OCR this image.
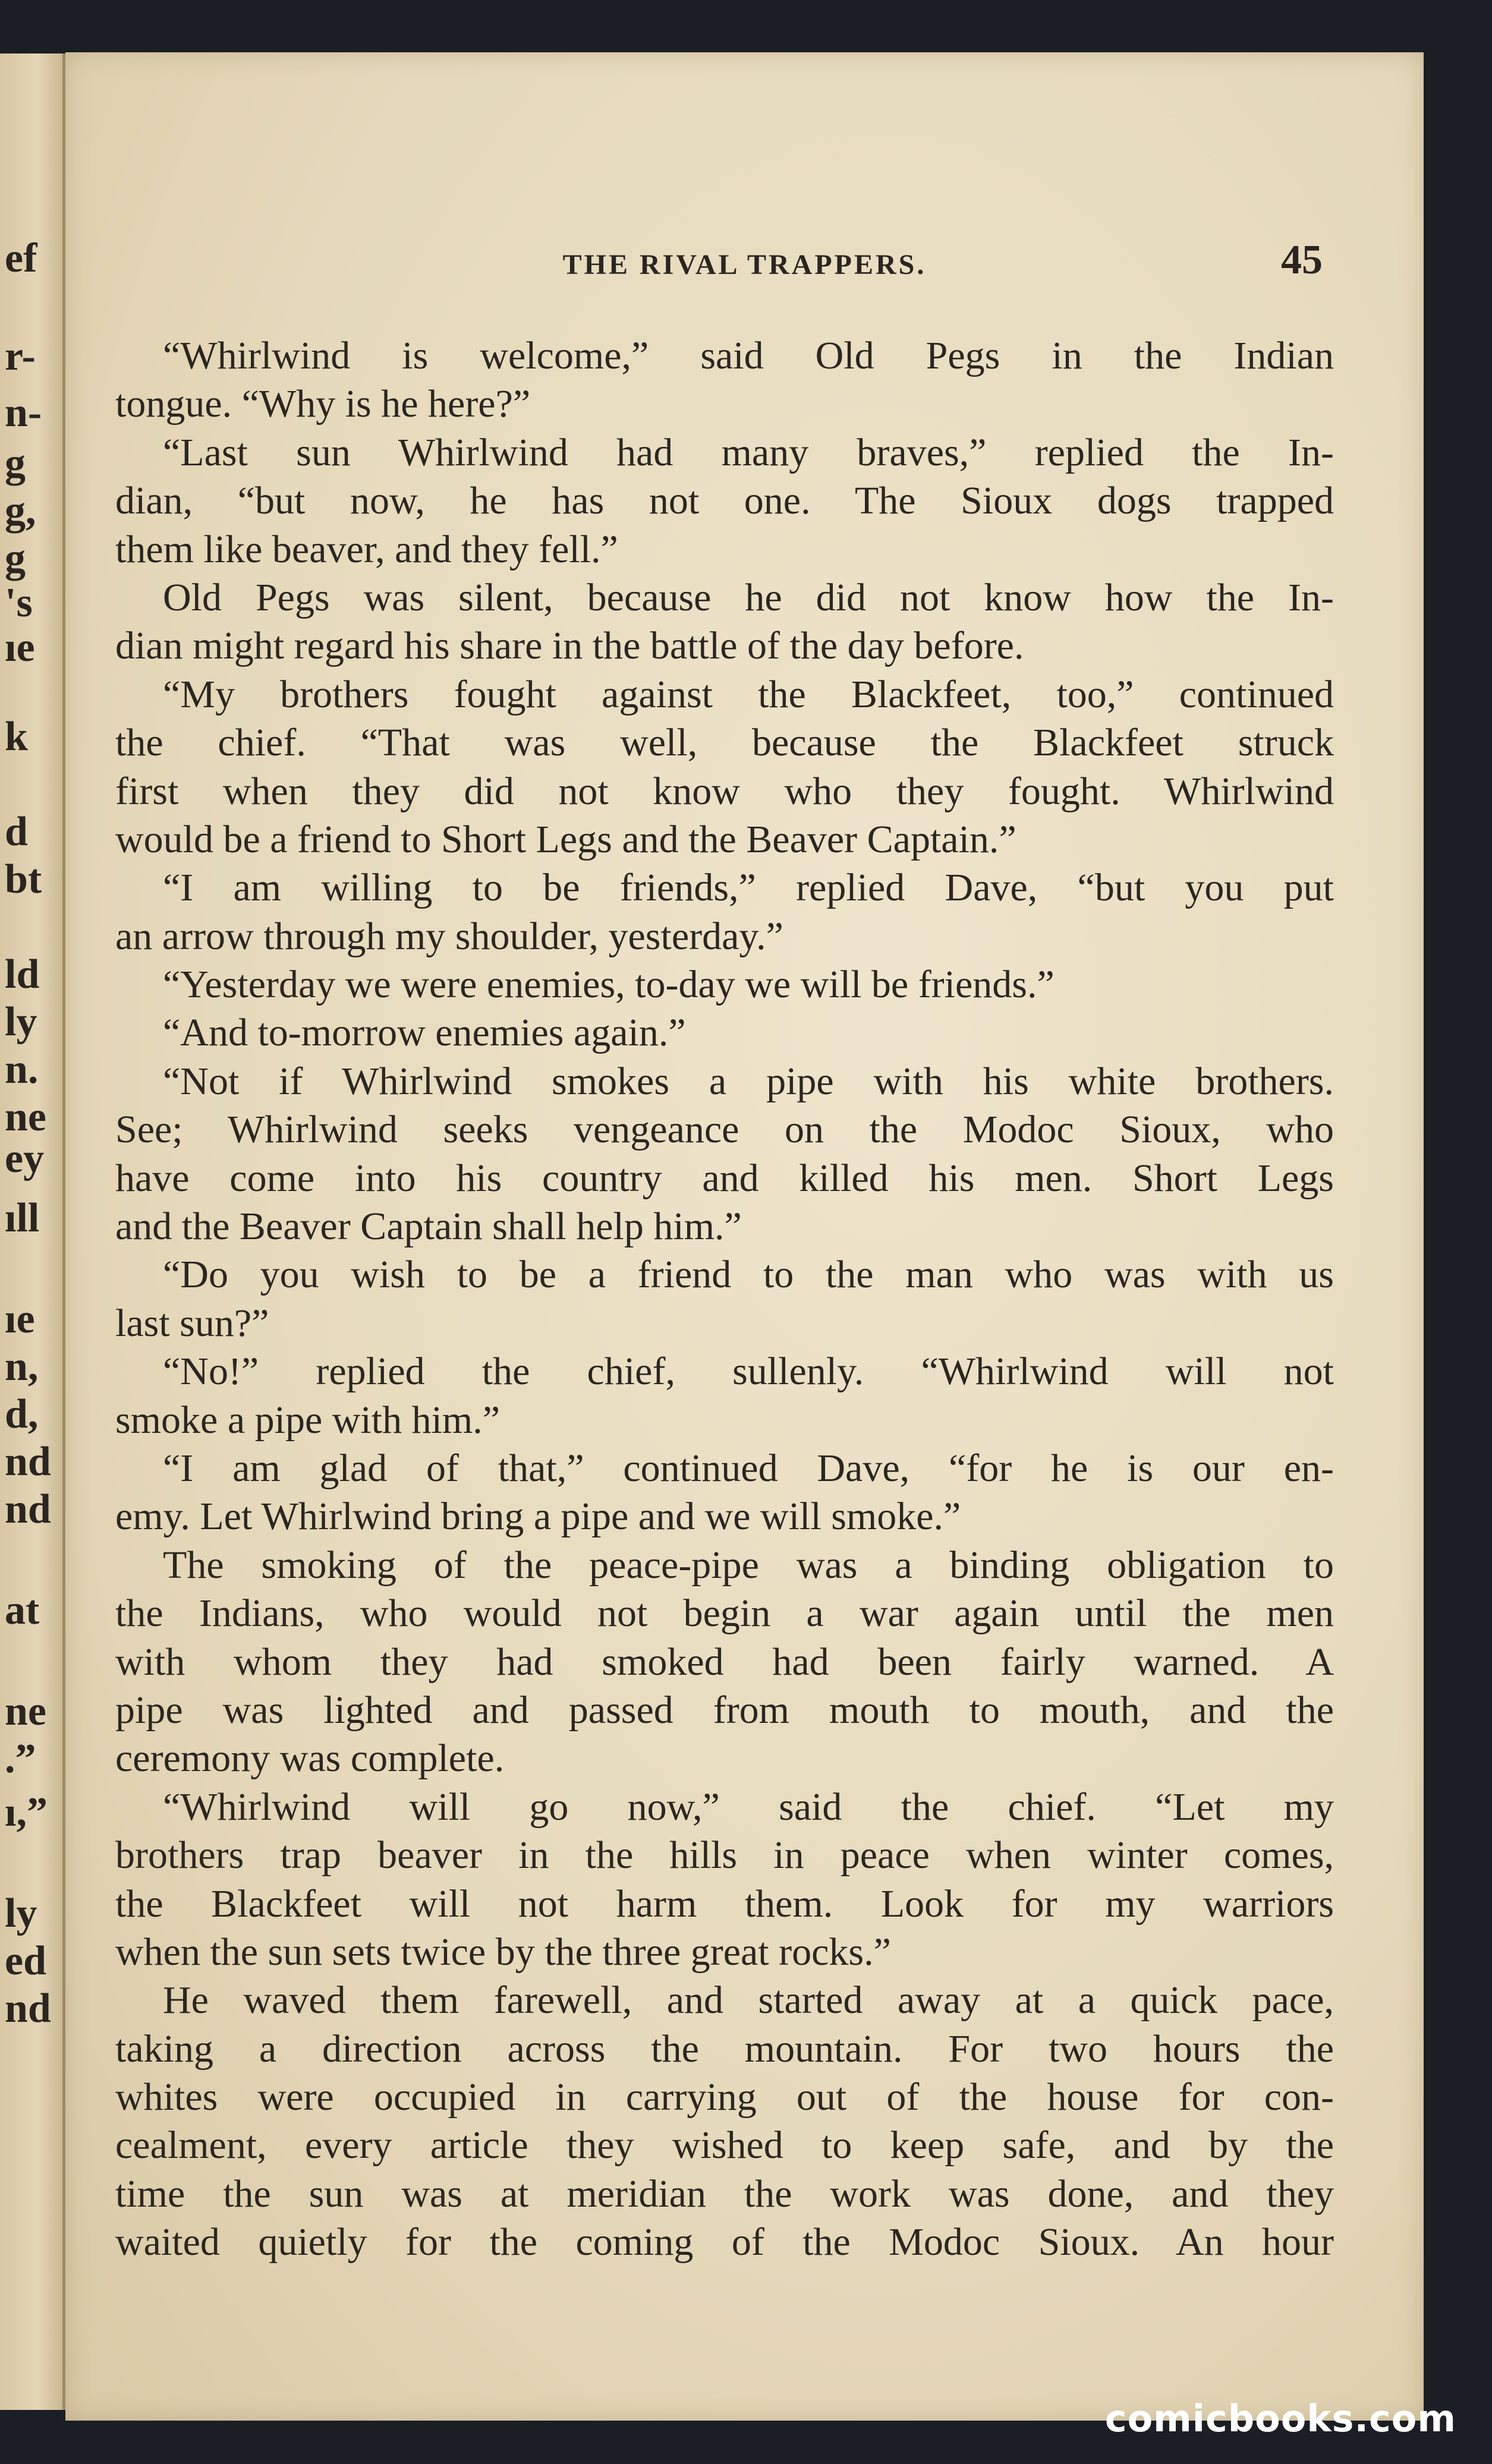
ef
r-
n-
g
g,
g
's
ıe
k
d
bt
ld
ly
n.
ne
ey
ıll
ıe
n,
d,
nd
nd
at
ne
.”
ı,”
ly
ed
nd
THE RIVAL TRAPPERS.	45
“Whirlwind is welcome,” said Old Pegs in the Indian
tongue. “Why is he here?”
“Last sun Whirlwind had many braves,” replied the In-
dian, “but now, he has not one. The Sioux dogs trapped
them like beaver, and they fell.”
Old Pegs was silent, because he did not know how the In-
dian might regard his share in the battle of the day before.
“My brothers fought against the Blackfeet, too,” continued
the chief. “That was well, because the Blackfeet struck
first when they did not know who they fought. Whirlwind
would be a friend to Short Legs and the Beaver Captain.”
“I am willing to be friends,” replied Dave, “but you put
an arrow through my shoulder, yesterday.”
“Yesterday we were enemies, to-day we will be friends.”
“And to-morrow enemies again.”
“Not if Whirlwind smokes a pipe with his white brothers.
See; Whirlwind seeks vengeance on the Modoc Sioux, who
have come into his country and killed his men. Short Legs
and the Beaver Captain shall help him.”
“Do you wish to be a friend to the man who was with us
last sun?”
“No!” replied the chief, sullenly. “Whirlwind will not
smoke a pipe with him.”
“I am glad of that,” continued Dave, “for he is our en-
emy. Let Whirlwind bring a pipe and we will smoke.”
The smoking of the peace-pipe was a binding obligation to
the Indians, who would not begin a war again until the men
with whom they had smoked had been fairly warned. A
pipe was lighted and passed from mouth to mouth, and the
ceremony was complete.
“Whirlwind will go now,” said the chief. “Let my
brothers trap beaver in the hills in peace when winter comes,
the Blackfeet will not harm them. Look for my warriors
when the sun sets twice by the three great rocks.”
He waved them farewell, and started away at a quick pace,
taking a direction across the mountain. For two hours the
whites were occupied in carrying out of the house for con-
cealment, every article they wished to keep safe, and by the
time the sun was at meridian the work was done, and they
waited quietly for the coming of the Modoc Sioux. An hour
comicbooks.com
